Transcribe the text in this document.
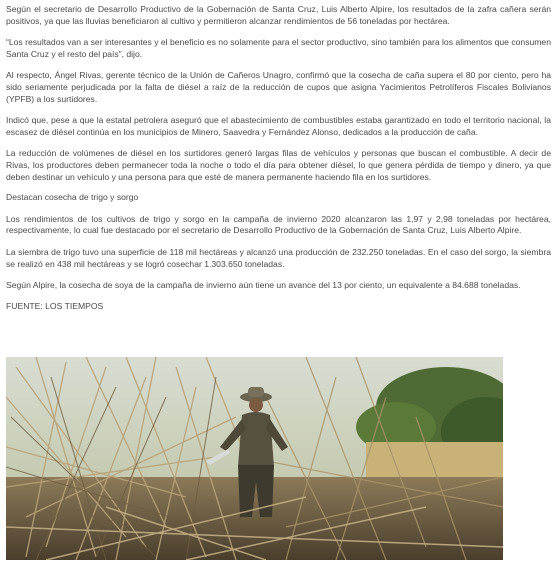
Según el secretario de Desarrollo Productivo de la Gobernación de Santa Cruz, Luis Alberto Alpire, los resultados de la zafra cañera serán positivos, ya que las lluvias beneficiaron al cultivo y permitieron alcanzar rendimientos de 56 toneladas por hectárea.

“Los resultados van a ser interesantes y el beneficio es no solamente para el sector productivo, sino también para los alimentos que consumen Santa Cruz y el resto del país”, dijo.

Al respecto, Ángel Rivas, gerente técnico de la Unión de Cañeros Unagro, confirmó que la cosecha de caña supera el 80 por ciento, pero ha sido seriamente perjudicada por la falta de diésel a raíz de la reducción de cupos que asigna Yacimientos Petrolíferos Fiscales Bolivianos (YPFB) a los surtidores.

Indicó que, pese a que la estatal petrolera aseguró que el abastecimiento de combustibles estaba garantizado en todo el territorio nacional, la escasez de diésel continúa en los municipios de Minero, Saavedra y Fernández Alonso, dedicados a la producción de caña.

La reducción de volúmenes de diésel en los surtidores generó largas filas de vehículos y personas que buscan el combustible. A decir de Rivas, los productores deben permanecer toda la noche o todo el día para obtener diésel, lo que genera pérdida de tiempo y dinero, ya que deben destinar un vehículo y una persona para que esté de manera permanente haciendo fila en los surtidores.

Destacan cosecha de trigo y sorgo

Los rendimientos de los cultivos de trigo y sorgo en la campaña de invierno 2020 alcanzaron las 1,97 y 2,98 toneladas por hectárea, respectivamente, lo cual fue destacado por el secretario de Desarrollo Productivo de la Gobernación de Santa Cruz, Luis Alberto Alpire.

La siembra de trigo tuvo una superficie de 118 mil hectáreas y alcanzó una producción de 232.250 toneladas. En el caso del sorgo, la siembra se realizó en 438 mil hectáreas y se logró cosechar 1.303.650 toneladas.

Según Alpire, la cosecha de soya de la campaña de invierno aún tiene un avance del 13 por ciento, un equivalente a 84.688 toneladas.

FUENTE: LOS TIEMPOS
